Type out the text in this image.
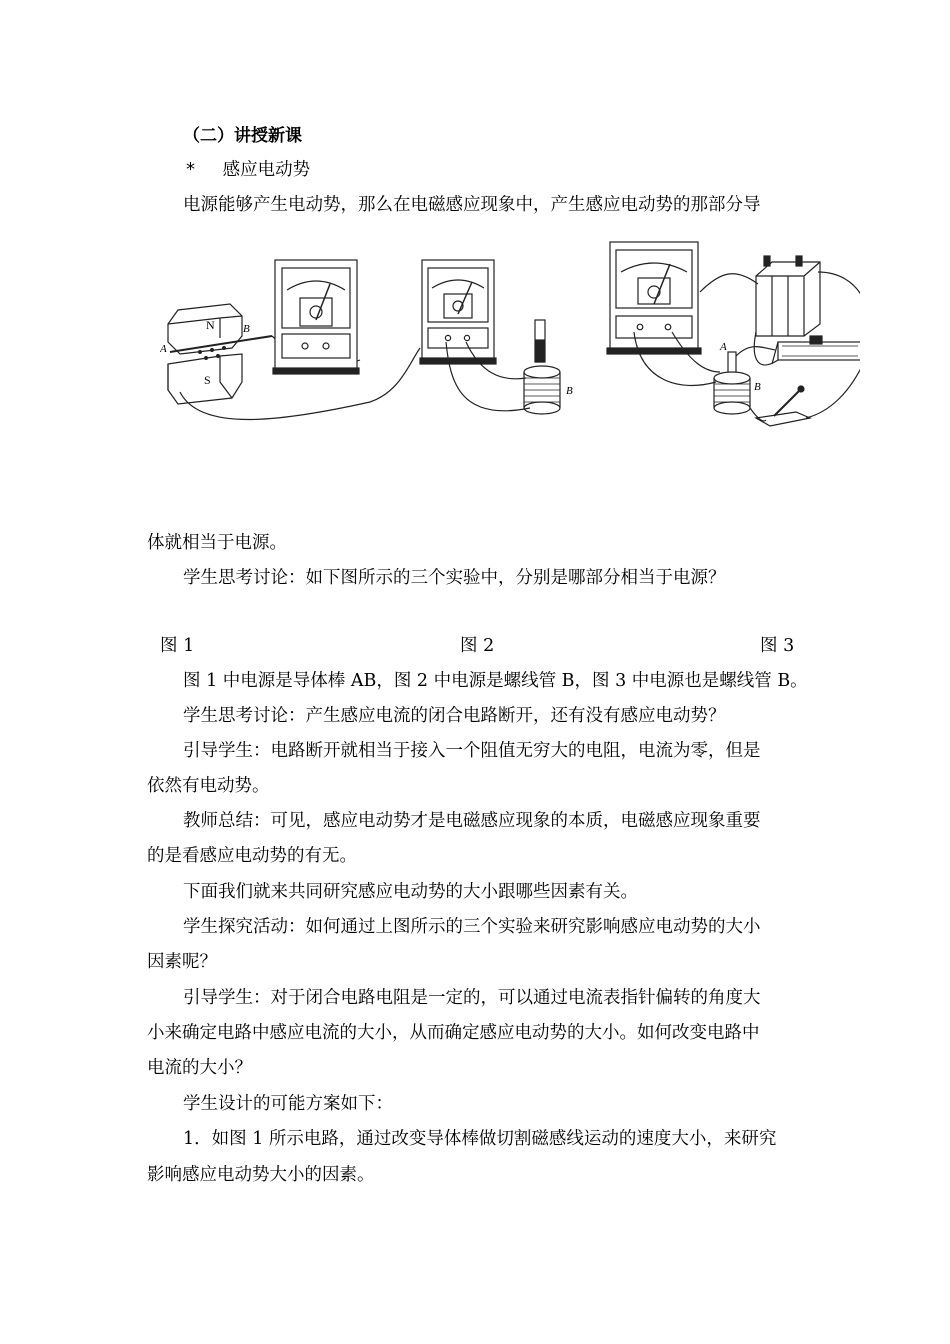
（二）讲授新课
* 感应电动势
电源能够产生电动势，那么在电磁感应现象中，产生感应电动势的那部分导
N
S
A
B
B
A
B
体就相当于电源。
学生思考讨论：如下图所示的三个实验中，分别是哪部分相当于电源？
图 1	图 2	图 3
图 1 中电源是导体棒 AB，图 2 中电源是螺线管 B，图 3 中电源也是螺线管 B。
学生思考讨论：产生感应电流的闭合电路断开，还有没有感应电动势？
引导学生：电路断开就相当于接入一个阻值无穷大的电阻，电流为零，但是
依然有电动势。
教师总结：可见，感应电动势才是电磁感应现象的本质，电磁感应现象重要
的是看感应电动势的有无。
下面我们就来共同研究感应电动势的大小跟哪些因素有关。
学生探究活动：如何通过上图所示的三个实验来研究影响感应电动势的大小
因素呢？
引导学生：对于闭合电路电阻是一定的，可以通过电流表指针偏转的角度大
小来确定电路中感应电流的大小，从而确定感应电动势的大小。如何改变电路中
电流的大小？
学生设计的可能方案如下：
1．如图 1 所示电路，通过改变导体棒做切割磁感线运动的速度大小，来研究
影响感应电动势大小的因素。
